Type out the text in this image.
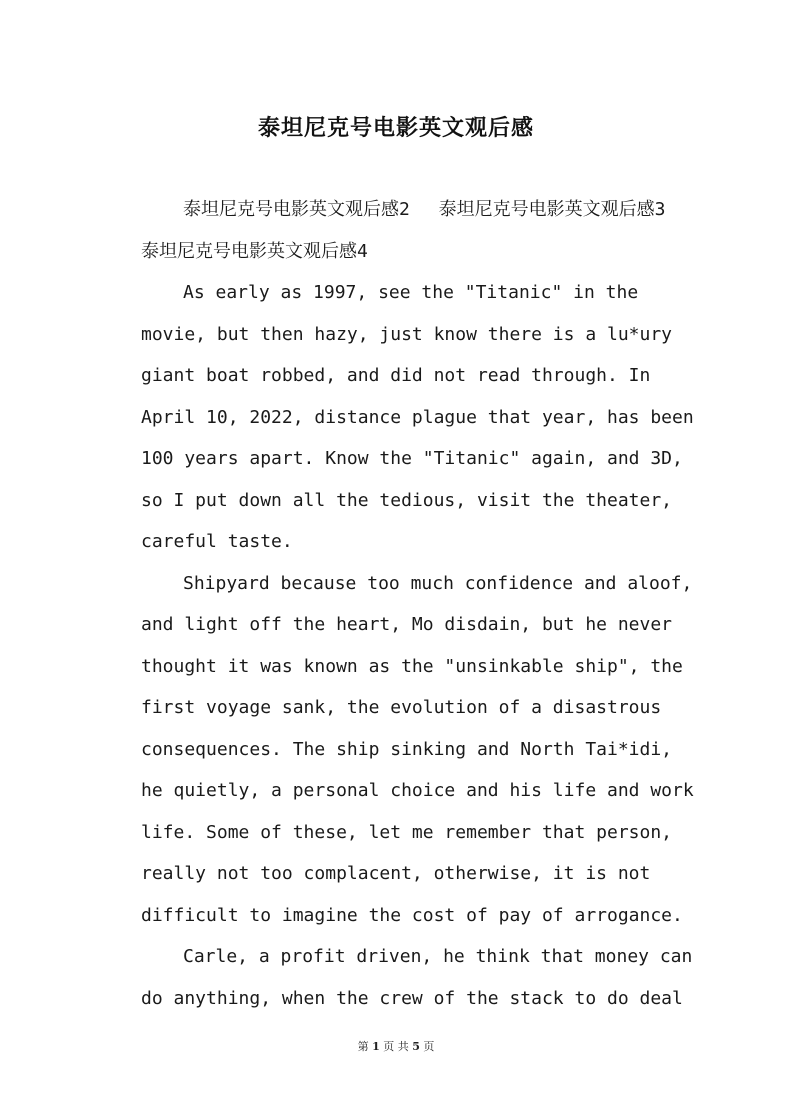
泰坦尼克号电影英文观后感

泰坦尼克号电影英文观后感2　 泰坦尼克号电影英文观后感3　 泰坦尼克号电影英文观后感4

As early as 1997, see the "Titanic" in the movie, but then hazy, just know there is a lu*ury giant boat robbed, and did not read through. In April 10, 2022, distance plague that year, has been 100 years apart. Know the "Titanic" again, and 3D, so I put down all the tedious, visit the theater, careful taste.

Shipyard because too much confidence and aloof, and light off the heart, Mo disdain, but he never thought it was known as the "unsinkable ship", the first voyage sank, the evolution of a disastrous consequences. The ship sinking and North Tai*idi, he quietly, a personal choice and his life and work life. Some of these, let me remember that person, really not too complacent, otherwise, it is not difficult to imagine the cost of pay of arrogance.

Carle, a profit driven, he think that money can do anything, when the crew of the stack to do deal

第 1 页 共 5 页
